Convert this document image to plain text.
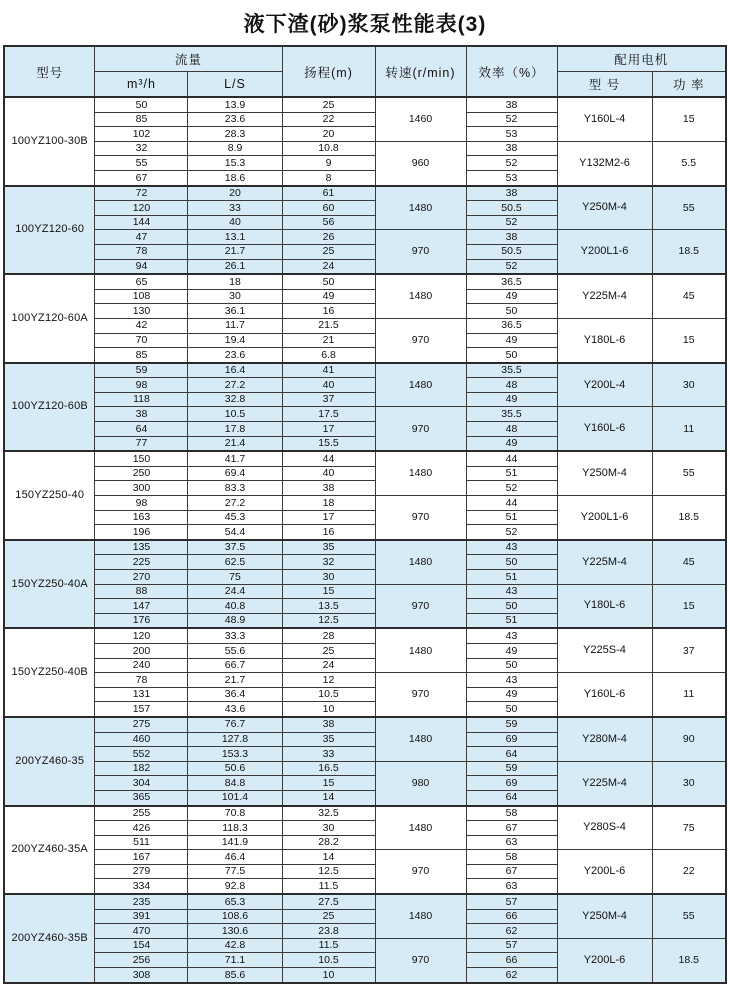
液下渣(砂)浆泵性能表(3)
型号	流量		扬程(m)	转速(r/min)	效率（%）	配用电机	
	m³/h	L/S				型 号	功 率
100YZ100-30B	50	13.9	25	1460	38	Y160L-4	15
	85	23.6	22		52		
	102	28.3	20		53		
	32	8.9	10.8	960	38	Y132M2-6	5.5
	55	15.3	9		52		
	67	18.6	8		53		
100YZ120-60	72	20	61	1480	38	Y250M-4	55
	120	33	60		50.5		
	144	40	56		52		
	47	13.1	26	970	38	Y200L1-6	18.5
	78	21.7	25		50.5		
	94	26.1	24		52		
100YZ120-60A	65	18	50	1480	36.5	Y225M-4	45
	108	30	49		49		
	130	36.1	16		50		
	42	11.7	21.5	970	36.5	Y180L-6	15
	70	19.4	21		49		
	85	23.6	6.8		50		
100YZ120-60B	59	16.4	41	1480	35.5	Y200L-4	30
	98	27.2	40		48		
	118	32.8	37		49		
	38	10.5	17.5	970	35.5	Y160L-6	11
	64	17.8	17		48		
	77	21.4	15.5		49		
150YZ250-40	150	41.7	44	1480	44	Y250M-4	55
	250	69.4	40		51		
	300	83.3	38		52		
	98	27.2	18	970	44	Y200L1-6	18.5
	163	45.3	17		51		
	196	54.4	16		52		
150YZ250-40A	135	37.5	35	1480	43	Y225M-4	45
	225	62.5	32		50		
	270	75	30		51		
	88	24.4	15	970	43	Y180L-6	15
	147	40.8	13.5		50		
	176	48.9	12.5		51		
150YZ250-40B	120	33.3	28	1480	43	Y225S-4	37
	200	55.6	25		49		
	240	66.7	24		50		
	78	21.7	12	970	43	Y160L-6	11
	131	36.4	10.5		49		
	157	43.6	10		50		
200YZ460-35	275	76.7	38	1480	59	Y280M-4	90
	460	127.8	35		69		
	552	153.3	33		64		
	182	50.6	16.5	980	59	Y225M-4	30
	304	84.8	15		69		
	365	101.4	14		64		
200YZ460-35A	255	70.8	32.5	1480	58	Y280S-4	75
	426	118.3	30		67		
	511	141.9	28.2		63		
	167	46.4	14	970	58	Y200L-6	22
	279	77.5	12.5		67		
	334	92.8	11.5		63		
200YZ460-35B	235	65.3	27.5	1480	57	Y250M-4	55
	391	108.6	25		66		
	470	130.6	23.8		62		
	154	42.8	11.5	970	57	Y200L-6	18.5
	256	71.1	10.5		66		
	308	85.6	10		62		
